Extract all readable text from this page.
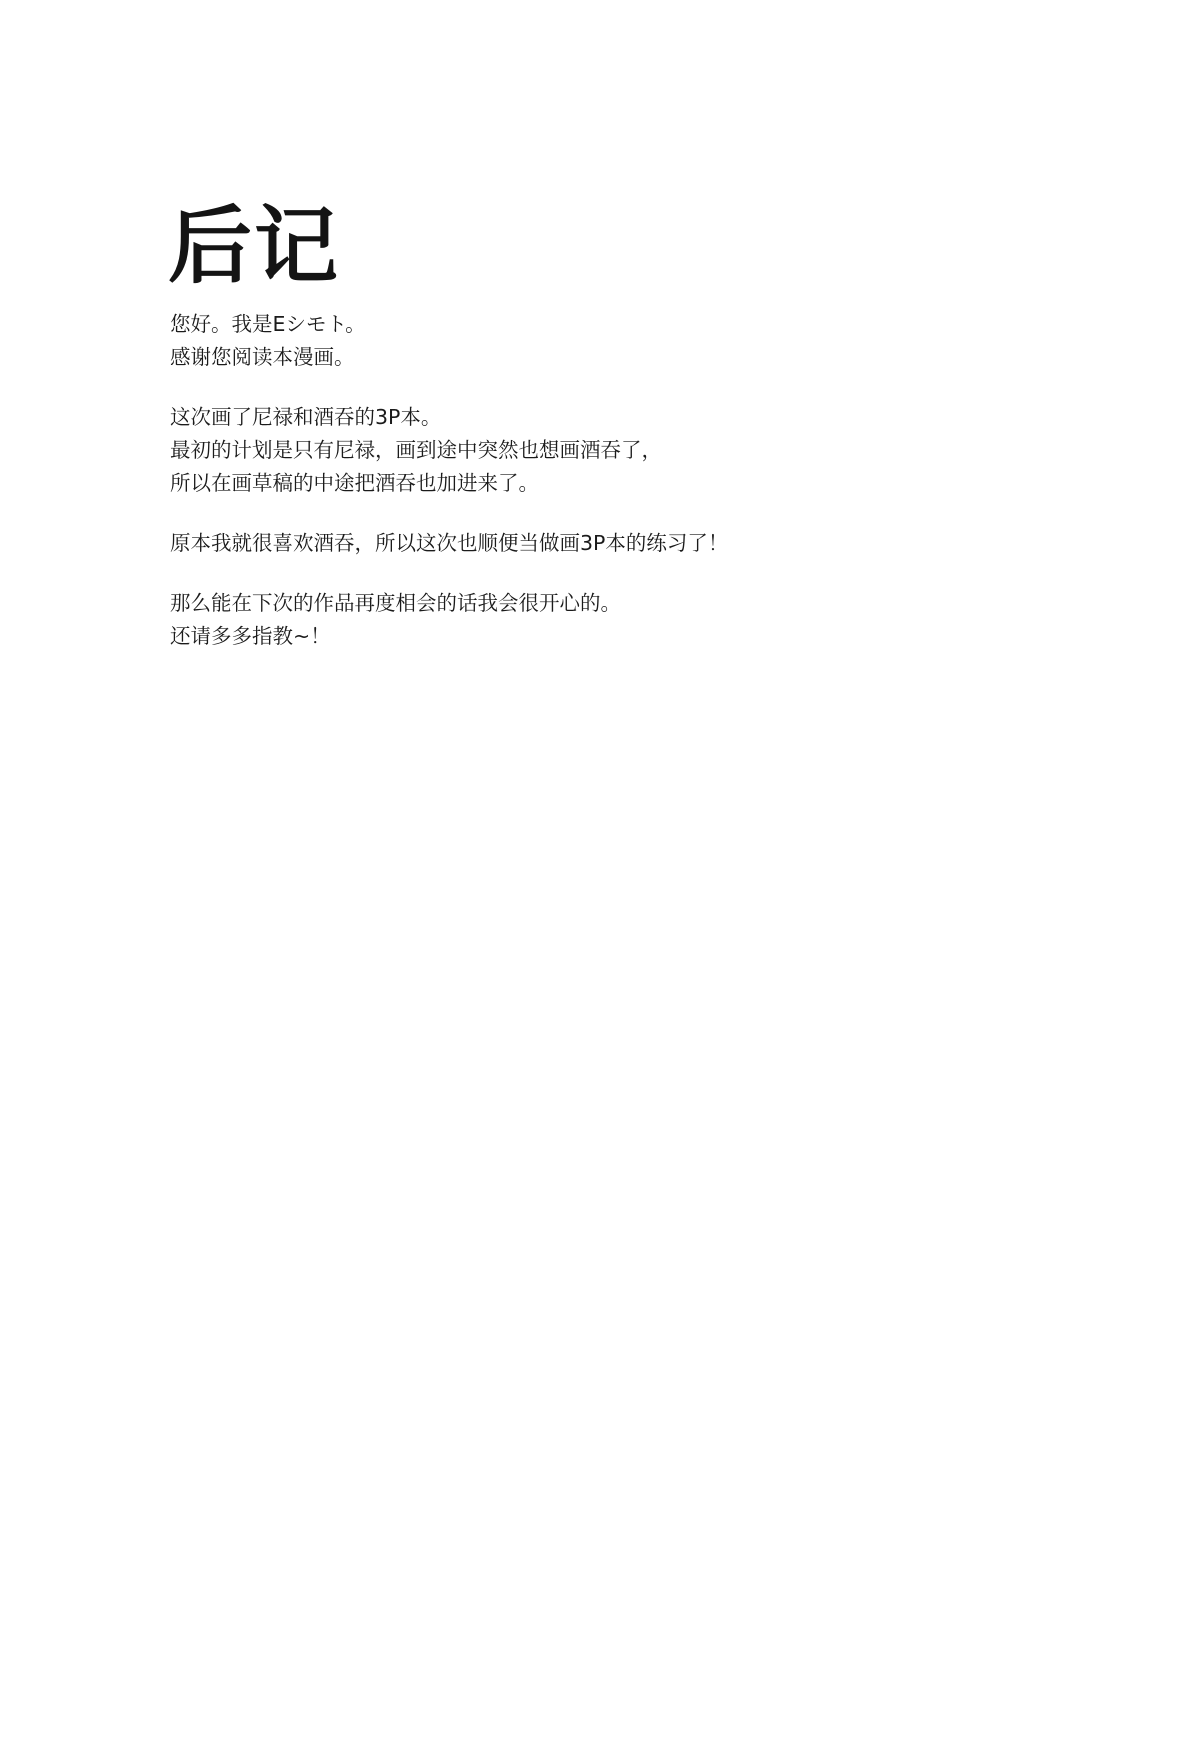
后记

您好。我是Eシモト。
感谢您阅读本漫画。

这次画了尼禄和酒吞的3P本。
最初的计划是只有尼禄，画到途中突然也想画酒吞了，
所以在画草稿的中途把酒吞也加进来了。

原本我就很喜欢酒吞，所以这次也顺便当做画3P本的练习了！

那么能在下次的作品再度相会的话我会很开心的。
还请多多指教~！
